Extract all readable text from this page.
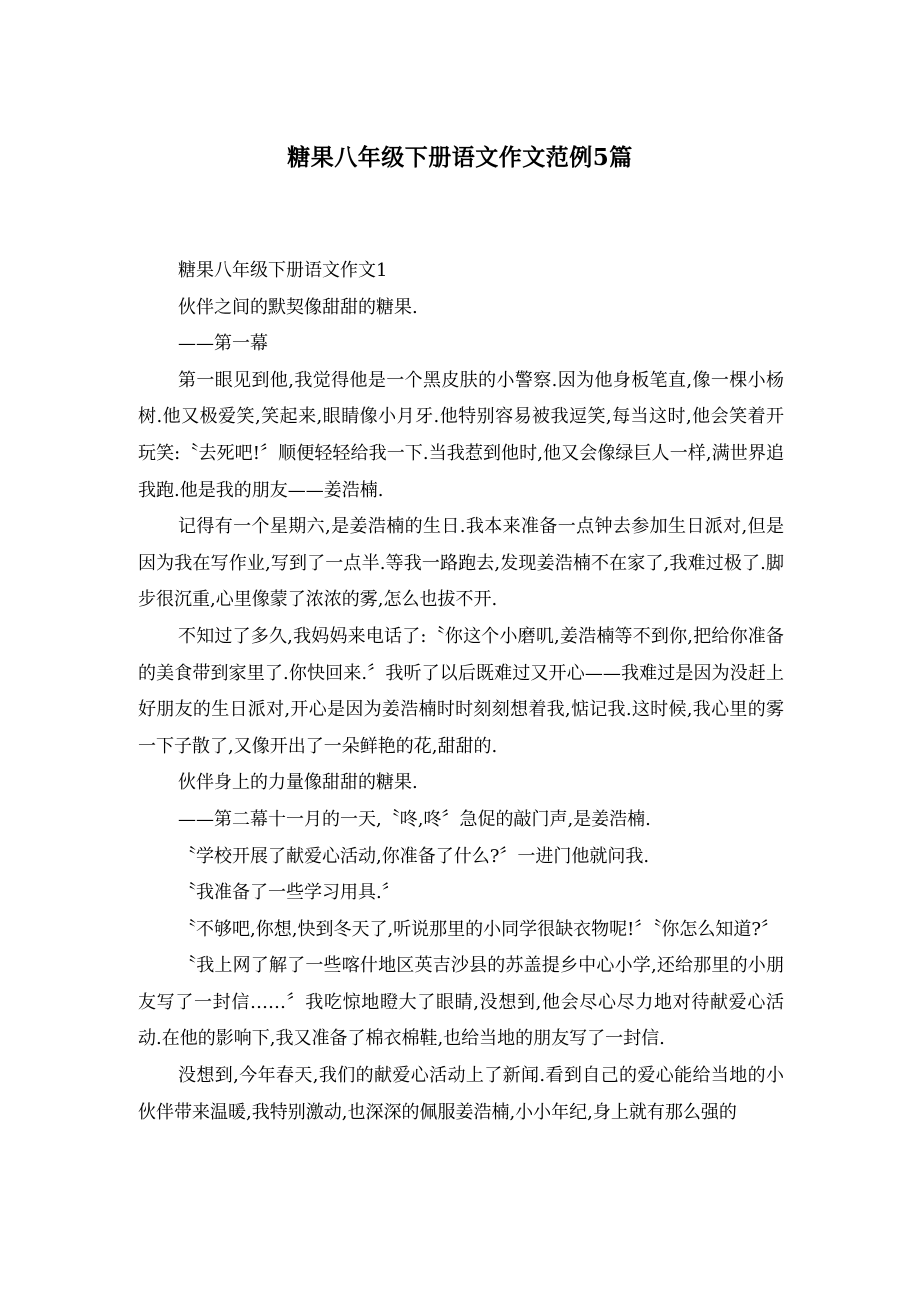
糖果八年级下册语文作文范例5篇

糖果八年级下册语文作文1

伙伴之间的默契像甜甜的糖果.

——第一幕

第一眼见到他,我觉得他是一个黑皮肤的小警察.因为他身板笔直,像一棵小杨树.他又极爱笑,笑起来,眼睛像小月牙.他特别容易被我逗笑,每当这时,他会笑着开玩笑:〝去死吧!〞顺便轻轻给我一下.当我惹到他时,他又会像绿巨人一样,满世界追我跑.他是我的朋友——姜浩楠.

记得有一个星期六,是姜浩楠的生日.我本来准备一点钟去参加生日派对,但是因为我在写作业,写到了一点半.等我一路跑去,发现姜浩楠不在家了,我难过极了.脚步很沉重,心里像蒙了浓浓的雾,怎么也拔不开.

不知过了多久,我妈妈来电话了:〝你这个小磨叽,姜浩楠等不到你,把给你准备的美食带到家里了.你快回来.〞我听了以后既难过又开心——我难过是因为没赶上好朋友的生日派对,开心是因为姜浩楠时时刻刻想着我,惦记我.这时候,我心里的雾一下子散了,又像开出了一朵鲜艳的花,甜甜的.

伙伴身上的力量像甜甜的糖果.

——第二幕十一月的一天,〝咚,咚〞急促的敲门声,是姜浩楠.

〝学校开展了献爱心活动,你准备了什么?〞一进门他就问我.

〝我准备了一些学习用具.〞

〝不够吧,你想,快到冬天了,听说那里的小同学很缺衣物呢!〞〝你怎么知道?〞

〝我上网了解了一些喀什地区英吉沙县的苏盖提乡中心小学,还给那里的小朋友写了一封信……〞我吃惊地瞪大了眼睛,没想到,他会尽心尽力地对待献爱心活动.在他的影响下,我又准备了棉衣棉鞋,也给当地的朋友写了一封信.

没想到,今年春天,我们的献爱心活动上了新闻.看到自己的爱心能给当地的小伙伴带来温暖,我特别激动,也深深的佩服姜浩楠,小小年纪,身上就有那么强的
